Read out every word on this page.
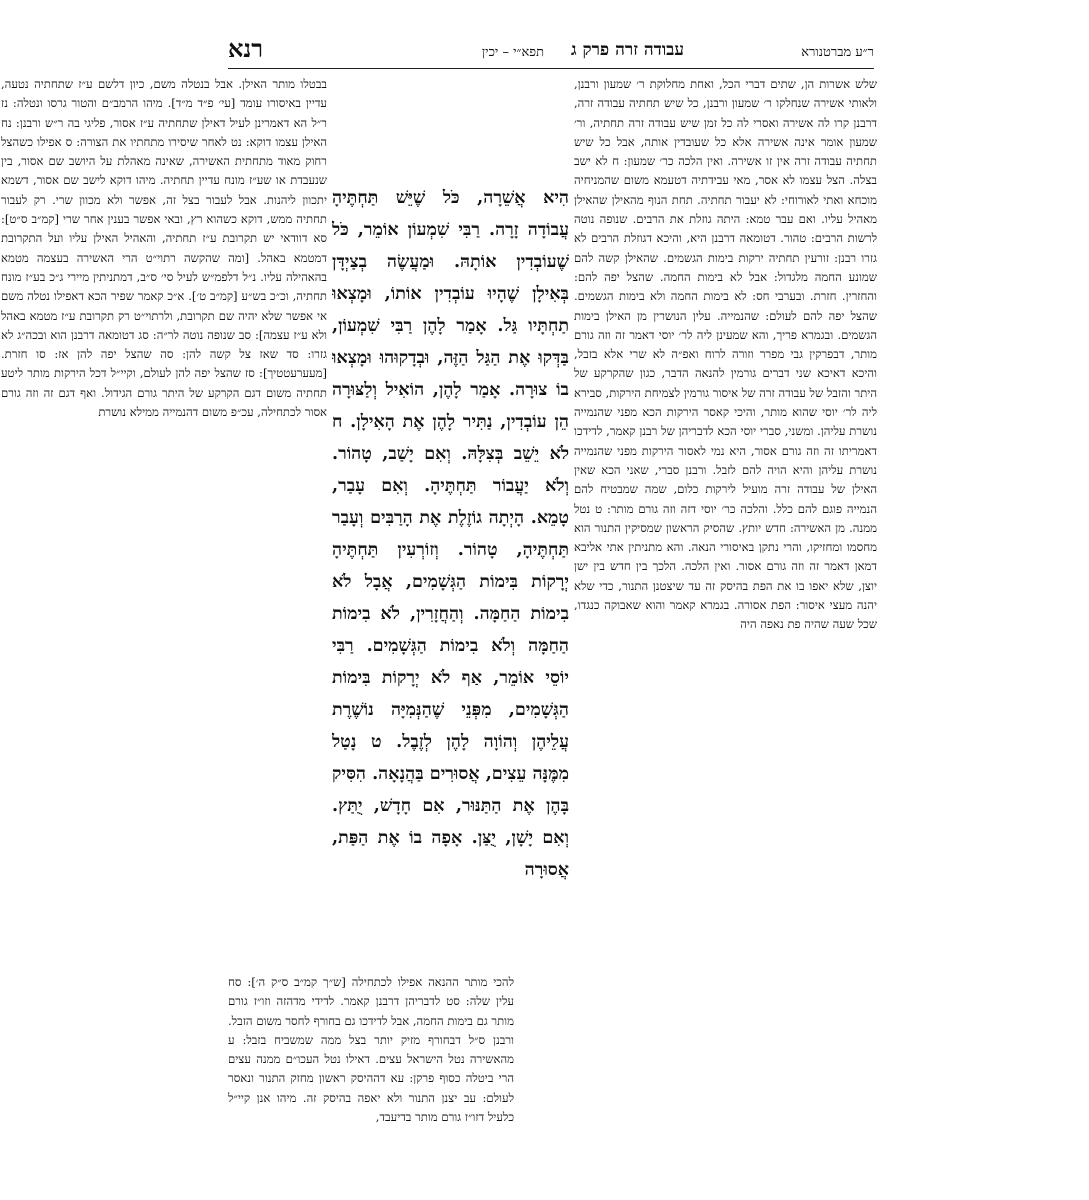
ר״ע מברטנורא
עבודה זרה פרק ג
תפא״י – יכין
רנא

שלש אשרות הן, שתים דברי הכל, ואחת מחלוקת ר׳ שמעון ורבנן, ולאותי אשירה שנחלקו ר׳ שמעון ורבנן, כל שיש תחתיה עבודה זרה, דרבנן קרו לה אשירה ואסרי לה כל זמן שיש עבודה זרה תחתיה, ור׳ שמעון אומר אינה אשירה אלא כל שעובדין אותה, אבל כל שיש תחתיה עבודה זרה אין זו אשירה. ואין הלכה כר׳ שמעון: ח לא ישב בצלה. הצל עצמו לא אסר, מאי עבידתיה דטעמא משום שהמניחיה מוכחא ואתי לאורוחי: לא יעבור תחתיה. תחת הנוף מהאילן שהאילן מאהיל עליו. ואם עבר טמא: היתה גוזלת את הרבים. שנופה נוטה לרשות הרבים: טהור. דטומאה דרבנן היא, והיכא דגוזלת הרבים לא גזרו רבנן: זורעין תחתיה ירקות בימות הגשמים. שהאילן קשה להם שמונע החמה מלגדול: אבל לא בימות החמה. שהצל יפה להם: והחזרין. חזרת. ובערבי חס: לא בימות החמה ולא בימות הגשמים. שהצל יפה להם לעולם: שהנמייה. עלין הנושרין מן האילן בימות הגשמים. ובגמרא פריך, והא שמעינן ליה לר׳ יוסי דאמר זה וזה גורם מותר, דבפרקין גבי מפרר וזורה לרוח ואפ״ה לא שרי אלא בזבל, והיכא דאיכא שני דברים גורמין להנאה הדבר, כגון שהקרקע של היתר והזבל של עבודה זרה של איסור גורמין לצמיחת הירקות, סבירא ליה לר׳ יוסי שהוא מותר, והיכי קאסר הירקות הכא מפני שהנמייה נושרת עליהן. ומשני, סברי יוסי הכא לדבריהן של רבנן קאמר, לדידכו דאמריתו זה וזה גורם אסור, היא נמי לאסור הירקות מפני שהנמייה נושרת עליהן והיא הויה להם לזבל. ורבנן סברי, שאני הכא שאין האילן של עבודה זרה מועיל לירקות כלום, שמה שמבטיח להם הנמייה פוגם להם כלל. והלכה כר׳ יוסי דזה וזה גורם מותר: ט נטל ממנה. מן האשירה: חדש יותץ. שהסיק הראשון שמסיקין התנור הוא מחסמו ומחזיקו, והרי נתקן באיסורי הנאה. והא מתניתין אתי אליבא דמאן דאמר זה וזה גורם אסור. ואין הלכה. הלכך בין חדש בין ישן יוצן, שלא יאפו בו את הפת בהיסק זה עד שיצטנן התנור, כדי שלא יהנה מעצי איסור: הפת אסורה. בגמרא קאמר והוא שאבוקה כנגדו, שכל שעה שהיה פת נאפה היה

הִיא אֲשֵׁרָה, כֹּל שֶׁיֵּשׁ תַּחְתֶּיהָ עֲבוֹדָה זָרָה. רַבִּי שִׁמְעוֹן אוֹמֵר, כֹּל שֶׁעוֹבְדִין אוֹתָהּ. וּמַעֲשֶׂה בְצַיְדָּן בְּאִילָן שֶׁהָיוּ עוֹבְדִין אוֹתוֹ, וּמָצְאוּ תַחְתָּיו גַּל. אָמַר לָהֶן רַבִּי שִׁמְעוֹן, בַּדְּקוּ אֶת הַגַּל הַזֶּה, וּבְדָקוּהוּ וּמָצְאוּ בוֹ צוּרָה. אָמַר לָהֶן, הוֹאִיל וְלַצּוּרָה הֵן עוֹבְדִין, נַתִּיר לָהֶן אֶת הָאִילָן. ח לֹא יֵשֵׁב בְּצִלָּהּ. וְאִם יָשַׁב, טָהוֹר. וְלֹא יַעֲבוֹר תַּחְתֶּיהָ. וְאִם עָבַר, טָמֵא. הָיְתָה גוֹזֶלֶת אֶת הָרַבִּים וְעָבַר תַּחְתֶּיהָ, טָהוֹר. וְזוֹרְעִין תַּחְתֶּיהָ יְרָקוֹת בִּימוֹת הַגְּשָׁמִים, אֲבָל לֹא בִימוֹת הַחַמָּה. וְהַחֲזָרִין, לֹא בִימוֹת הַחַמָּה וְלֹא בִימוֹת הַגְּשָׁמִים. רַבִּי יוֹסֵי אוֹמֵר, אַף לֹא יְרָקוֹת בִּימוֹת הַגְּשָׁמִים, מִפְּנֵי שֶׁהַנְּמִיָּה נוֹשֶׁרֶת עֲלֵיהֶן וְהוֹוָה לָהֶן לְזֶבֶל. ט נָטַל מִמֶּנָּה עֵצִים, אֲסוּרִים בַּהֲנָאָה. הִסִּיק בָּהֶן אֶת הַתַּנּוּר, אִם חָדָשׁ, יֻתַּץ. וְאִם יָשָׁן, יֻצַּן. אָפָה בוֹ אֶת הַפַּת, אֲסוּרָה

בבטלו מותר האילן. אבל בנטלה משם, כיון דלשם ע״ז שתחתיה נטעה, עדיין באיסורו עומד [עי׳ פ״ד מ״ד]. מיהו הרמב״ם והטור גרסו ונטלה: נז ר״ל הא דאמרינן לעיל דאילן שתחתיה ע״ז אסור, פליגי בה ר״ש ורבנן: נח האילן עצמו דוקא: נט לאחר שיסירו מתחתיו את הצורה: ס אפילו כשהצל רחוק מאוד מתחתית האשירה, שאינה מאהלת על היושב שם אסור, בין שנעבדת או שע״ז מונח עדיין תחתיה. מיהו דוקא לישב שם אסור, דשמא יתכוון ליהנות. אבל לעבור בצל זה, אפשר ולא מכוון שרי. רק לעבור תחתיה ממש, דוקא כשהוא רץ, ובאי אפשר בענין אחר שרי [קמ״ב ס״ט]: סא דוודאי יש תקרובת ע״ז תחתיה, והאהיל האילן עליו ועל התקרובת דמטמא באהל. [ומה שהקשה רתוי״ט הרי האשירה בעצמה מטמא בהאהילה עליו. נ״ל דלפמ״ש לעיל סי׳ ס״ב, דמתניתין מיירי ג״כ בע״ז מונח תחתיה, וכ״כ בש״ע [קמ״ב ט׳]. א״כ קאמר שפיר הכא דאפילו נטלה משם אי אפשר שלא יהיה שם תקרובת, ולרתוי״ט רק תקרובת ע״ז מטמא באהל ולא ע״ז עצמה]: סב שנופה נוטה לר״ה: סג דטומאה דרבנן הוא ובכה״ג לא גזרו: סד שאז צל קשה להן: סה שהצל יפה להן אז: סו חזרת. [מעערעטטיך]: סז שהצל יפה להן לעולם, וקיי״ל דכל הירקות מותר ליטע תחתיה משום דגם הקרקע של היתר גורם הגידול. ואף דגם זה וזה גורם אסור לכתחילה, עכ״פ משום דהנמייה ממילא נושרת

להכי מותר ההנאה אפילו לכתחילה [ש״ך קמ״ב ס״ק ה׳]: סח עלין שלה: סט לדבריהן דרבנן קאמר. לדידי מדהזה וזו״ז גורם מותר גם בימות החמה, אבל לדידכו גם בחורף לחסר משום הזבל. ורבנן ס״ל דבחורף מזיק יותר בצל ממה שמשביח בזבל: ע מהאשירה נטל הישראל עצים. דאילו נטל העכו״ם ממנה עצים הרי ביטלה כסוף פרקן: עא דההיסק ראשון מחזק התנור ונאסר לעולם: עב יצנן התנור ולא יאפה בהיסק זה. מיהו אנן קיי״ל כלעיל דזו״ז גורם מותר בדיעבד,
